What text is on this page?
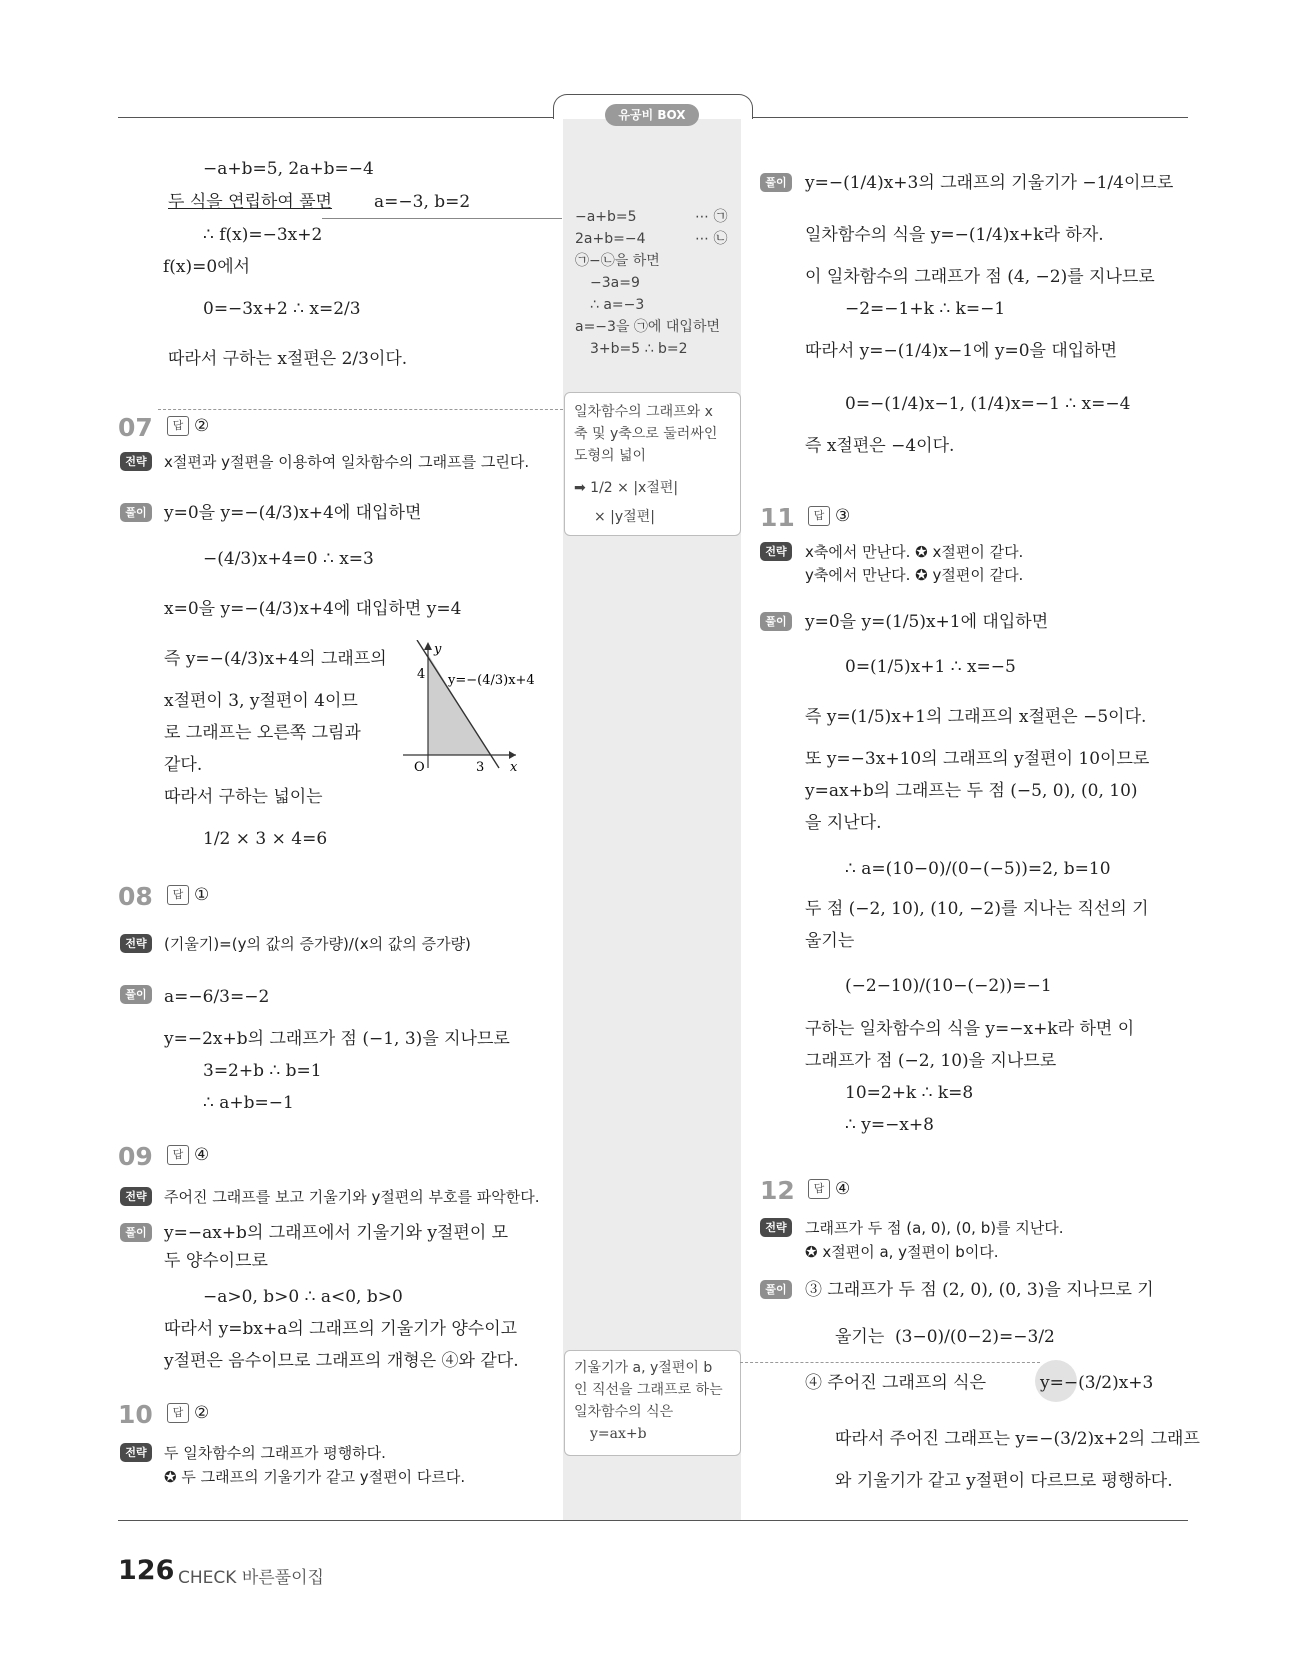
유공비 BOX
126 CHECK 바른풀이집
−a+b=5, 2a+b=−4
두 식을 연립하여 풀면 a=−3, b=2
∴ f(x)=−3x+2
f(x)=0에서
0=−3x+2 ∴ x=2/3
따라서 구하는 x절편은 2/3이다.
−a+b=5	⋯ ㉠
2a+b=−4	⋯ ㉡
㉠−㉡을 하면
−3a=9
∴ a=−3
a=−3을 ㉠에 대입하면
3+b=5 ∴ b=2
일차함수의 그래프와 x
축 및 y축으로 둘러싸인
도형의 넓이
➡ 1/2 × |x절편|
× |y절편|
07	답 ②
전략	x절편과 y절편을 이용하여 일차함수의 그래프를 그린다.
풀이	y=0을 y=−(4/3)x+4에 대입하면
−(4/3)x+4=0 ∴ x=3
x=0을 y=−(4/3)x+4에 대입하면 y=4
즉 y=−(4/3)x+4의 그래프의
x절편이 3, y절편이 4이므
로 그래프는 오른쪽 그림과
같다.
따라서 구하는 넓이는
1/2 × 3 × 4=6
y
x
O
4
3
y=−(4/3)x+4
08	답 ①
전략	(기울기)=(y의 값의 증가량)/(x의 값의 증가량)
풀이	a=−6/3=−2
y=−2x+b의 그래프가 점 (−1, 3)을 지나므로
3=2+b ∴ b=1
∴ a+b=−1
09	답 ④
전략	주어진 그래프를 보고 기울기와 y절편의 부호를 파악한다.
풀이	y=−ax+b의 그래프에서 기울기와 y절편이 모
두 양수이므로
−a>0, b>0 ∴ a<0, b>0
따라서 y=bx+a의 그래프의 기울기가 양수이고
y절편은 음수이므로 그래프의 개형은 ④와 같다.	기울기가 a, y절편이 b
인 직선을 그래프로 하는
일차함수의 식은
y=ax+b
10	답 ②
전략	두 일차함수의 그래프가 평행하다.
✪ 두 그래프의 기울기가 같고 y절편이 다르다.
풀이	y=−(1/4)x+3의 그래프의 기울기가 −1/4이므로
일차함수의 식을 y=−(1/4)x+k라 하자.
이 일차함수의 그래프가 점 (4, −2)를 지나므로
−2=−1+k ∴ k=−1
따라서 y=−(1/4)x−1에 y=0을 대입하면
0=−(1/4)x−1, (1/4)x=−1 ∴ x=−4
즉 x절편은 −4이다.
11	답 ③
전략	x축에서 만난다. ✪ x절편이 같다.
y축에서 만난다. ✪ y절편이 같다.
풀이	y=0을 y=(1/5)x+1에 대입하면
0=(1/5)x+1 ∴ x=−5
즉 y=(1/5)x+1의 그래프의 x절편은 −5이다.
또 y=−3x+10의 그래프의 y절편이 10이므로
y=ax+b의 그래프는 두 점 (−5, 0), (0, 10)
을 지난다.
∴ a=(10−0)/(0−(−5))=2, b=10
두 점 (−2, 10), (10, −2)를 지나는 직선의 기
울기는
(−2−10)/(10−(−2))=−1
구하는 일차함수의 식을 y=−x+k라 하면 이
그래프가 점 (−2, 10)을 지나므로
10=2+k ∴ k=8
∴ y=−x+8
12	답 ④
전략	그래프가 두 점 (a, 0), (0, b)를 지난다.
✪ x절편이 a, y절편이 b이다.
풀이	③ 그래프가 두 점 (2, 0), (0, 3)을 지나므로 기
울기는 (3−0)/(0−2)=−3/2
④ 주어진 그래프의 식은	y=−(3/2)x+3
따라서 주어진 그래프는 y=−(3/2)x+2의 그래프
와 기울기가 같고 y절편이 다르므로 평행하다.
